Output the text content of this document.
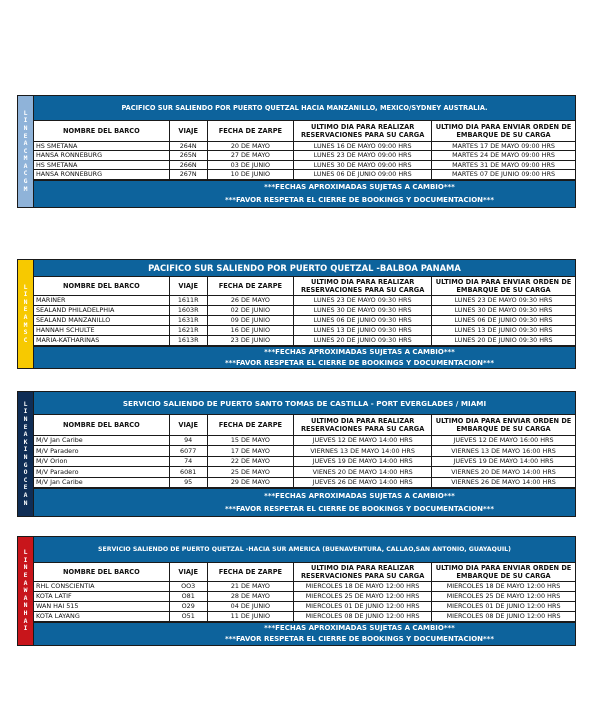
LINEA CMA CGM
PACIFICO SUR SALIENDO POR PUERTO QUETZAL HACIA MANZANILLO, MEXICO/SYDNEY AUSTRALIA.
NOMBRE DEL BARCO	VIAJE	FECHA DE ZARPE	ULTIMO DIA PARA REALIZAR RESERVACIONES PARA SU CARGA	ULTIMO DIA PARA ENVIAR ORDEN DE EMBARQUE DE SU CARGA
HS SMETANA	264N	20 DE MAYO	LUNES 16 DE MAYO 09:00 HRS	MARTES 17 DE MAYO 09:00 HRS
HANSA RONNEBURG	265N	27 DE MAYO	LUNES 23 DE MAYO 09:00 HRS	MARTES 24 DE MAYO 09:00 HRS
HS SMETANA	266N	03 DE JUNIO	LUNES 30 DE MAYO 09:00 HRS	MARTES 31 DE MAYO 09:00 HRS
HANSA RONNEBURG	267N	10 DE JUNIO	LUNES 06 DE JUNIO 09:00 HRS	MARTES 07 DE JUNIO 09:00 HRS
***FECHAS APROXIMADAS SUJETAS A CAMBIO***
***FAVOR RESPETAR EL CIERRE DE BOOKINGS Y DOCUMENTACION***
LINEA MSC
PACIFICO SUR SALIENDO POR PUERTO QUETZAL -BALBOA PANAMA
NOMBRE DEL BARCO	VIAJE	FECHA DE ZARPE	ULTIMO DIA PARA REALIZAR RESERVACIONES PARA SU CARGA	ULTIMO DIA PARA ENVIAR ORDEN DE EMBARQUE DE SU CARGA
MARINER	1611R	26 DE MAYO	LUNES 23 DE MAYO 09:30 HRS	LUNES 23 DE MAYO 09:30 HRS
SEALAND PHILADELPHIA	1603R	02 DE JUNIO	LUNES 30 DE MAYO 09:30 HRS	LUNES 30 DE MAYO 09:30 HRS
SEALAND MANZANILLO	1631R	09 DE JUNIO	LUNES 06 DE JUNIO 09:30 HRS	LUNES 06 DE JUNIO 09:30 HRS
HANNAH SCHULTE	1621R	16 DE JUNIO	LUNES 13 DE JUNIO 09:30 HRS	LUNES 13 DE JUNIO 09:30 HRS
MARIA-KATHARINAS	1613R	23 DE JUNIO	LUNES 20 DE JUNIO 09:30 HRS	LUNES 20 DE JUNIO 09:30 HRS
***FECHAS APROXIMADAS SUJETAS A CAMBIO***
***FAVOR RESPETAR EL CIERRE DE BOOKINGS Y DOCUMENTACION***
LINEA KING OCEAN
SERVICIO SALIENDO DE PUERTO SANTO TOMAS DE CASTILLA - PORT EVERGLADES / MIAMI
NOMBRE DEL BARCO	VIAJE	FECHA DE ZARPE	ULTIMO DIA PARA REALIZAR RESERVACIONES PARA SU CARGA	ULTIMO DIA PARA ENVIAR ORDEN DE EMBARQUE DE SU CARGA
M/V Jan Caribe	94	15 DE MAYO	JUEVES 12 DE MAYO 14:00 HRS	JUEVES 12 DE MAYO 16:00 HRS
M/V Paradero	6077	17 DE MAYO	VIERNES 13 DE MAYO 14:00 HRS	VIERNES 13 DE MAYO 16:00 HRS
M/V Orion	74	22 DE MAYO	JUEVES 19 DE MAYO 14:00 HRS	JUEVES 19 DE MAYO 14:00 HRS
M/V Paradero	6081	25 DE MAYO	VIENES 20 DE MAYO 14:00 HRS	VIERNES 20 DE MAYO 14:00 HRS
M/V Jan Caribe	95	29 DE MAYO	JUEVES 26 DE MAYO 14:00 HRS	VIERNES 26 DE MAYO 14:00 HRS
***FECHAS APROXIMADAS SUJETAS A CAMBIO***
***FAVOR RESPETAR EL CIERRE DE BOOKINGS Y DOCUMENTACION***
LINEA WAN HAI
SERVICIO SALIENDO DE PUERTO QUETZAL -HACIA SUR AMERICA (BUENAVENTURA, CALLAO,SAN ANTONIO, GUAYAQUIL)
NOMBRE DEL BARCO	VIAJE	FECHA DE ZARPE	ULTIMO DIA PARA REALIZAR RESERVACIONES PARA SU CARGA	ULTIMO DIA PARA ENVIAR ORDEN DE EMBARQUE DE SU CARGA
RHL CONSCIENTIA	OO3	21 DE MAYO	MIERCOLES 18 DE MAYO 12:00 HRS	MIERCOLES 18 DE MAYO 12:00 HRS
KOTA LATIF	O81	28 DE MAYO	MIERCOLES 25 DE MAYO 12:00 HRS	MIERCOLES 25 DE MAYO 12:00 HRS
WAN HAI 515	O29	04 DE JUNIO	MIERCOLES 01 DE JUNIO 12:00 HRS	MIERCOLES 01 DE JUNIO 12:00 HRS
KOTA LAYANG	O51	11 DE JUNIO	MIERCOLES 08 DE JUNIO 12:00 HRS	MIERCOLES 08 DE JUNIO 12:00 HRS
***FECHAS APROXIMADAS SUJETAS A CAMBIO***
***FAVOR RESPETAR EL CIERRE DE BOOKINGS Y DOCUMENTACION***
